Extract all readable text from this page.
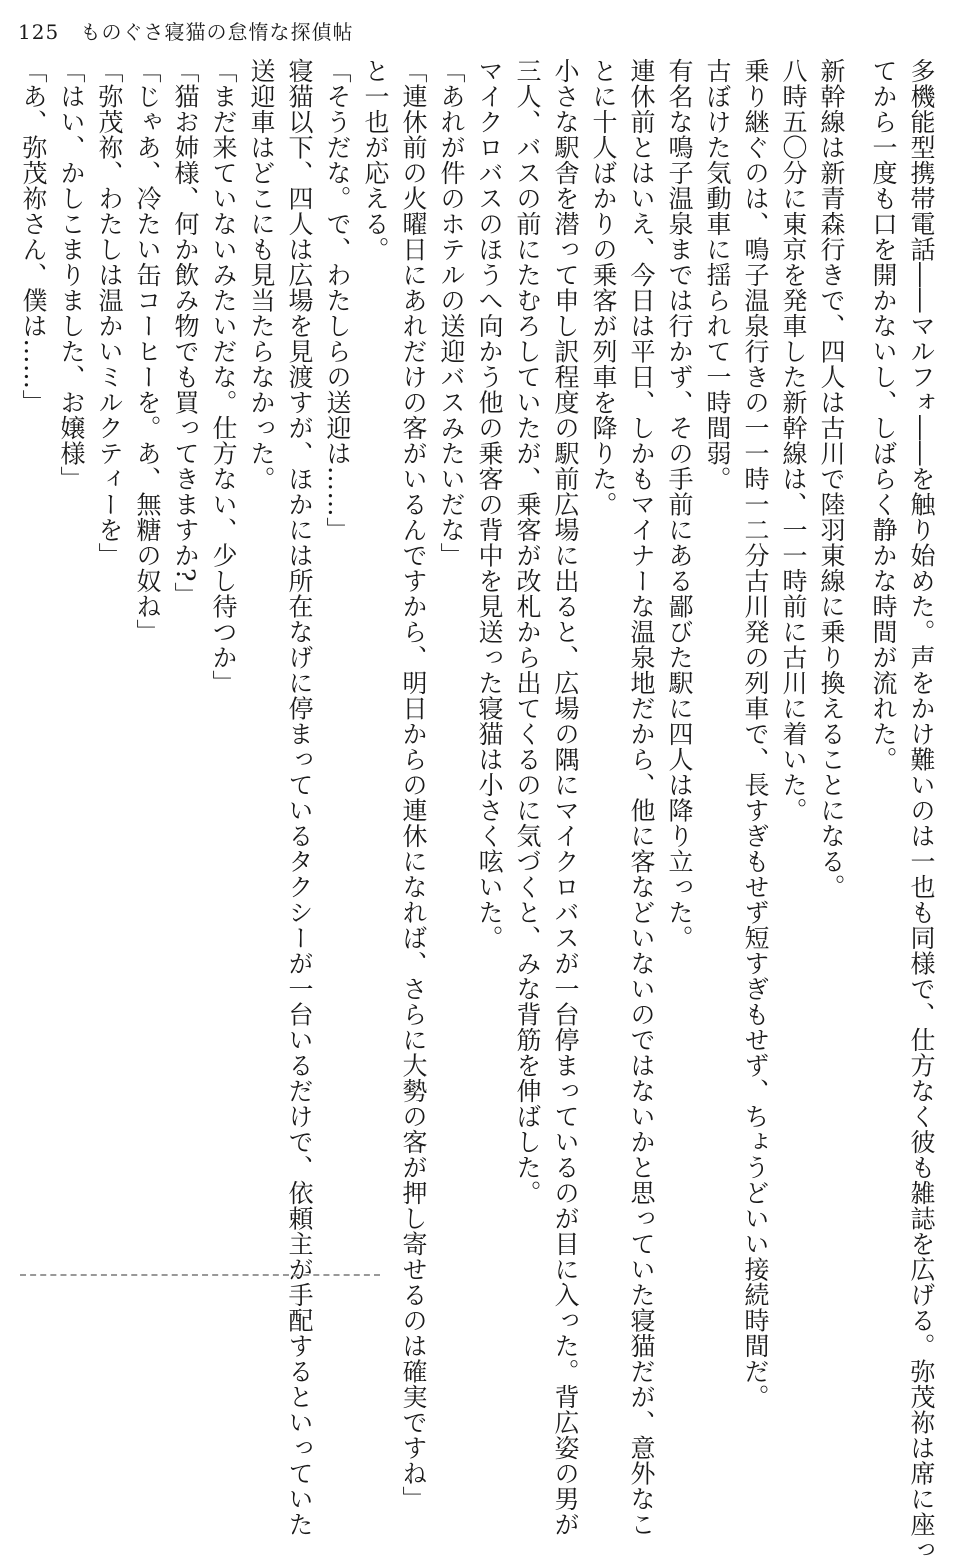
125 ものぐさ寝猫の怠惰な探偵帖
多機能型携帯電話――マルフォ――を触り始めた。声をかけ難いのは一也も同様で、仕方なく彼も雑誌を広げる。弥茂祢は席に座っ
てから一度も口を開かないし、しばらく静かな時間が流れた。
新幹線は新青森行きで、四人は古川で陸羽東線に乗り換えることになる。
八時五〇分に東京を発車した新幹線は、一一時前に古川に着いた。
乗り継ぐのは、鳴子温泉行きの一一時一二分古川発の列車で、長すぎもせず短すぎもせず、ちょうどいい接続時間だ。
古ぼけた気動車に揺られて一時間弱。
有名な鳴子温泉までは行かず、その手前にある鄙びた駅に四人は降り立った。
連休前とはいえ、今日は平日、しかもマイナーな温泉地だから、他に客などいないのではないかと思っていた寝猫だが、意外なこ
とに十人ばかりの乗客が列車を降りた。
小さな駅舎を潜って申し訳程度の駅前広場に出ると、広場の隅にマイクロバスが一台停まっているのが目に入った。背広姿の男が
三人、バスの前にたむろしていたが、乗客が改札から出てくるのに気づくと、みな背筋を伸ばした。
マイクロバスのほうへ向かう他の乗客の背中を見送った寝猫は小さく呟いた。
「あれが件のホテルの送迎バスみたいだな」
「連休前の火曜日にあれだけの客がいるんですから、明日からの連休になれば、さらに大勢の客が押し寄せるのは確実ですね」
と一也が応える。
「そうだな。で、わたしらの送迎は……」
寝猫以下、四人は広場を見渡すが、ほかには所在なげに停まっているタクシーが一台いるだけで、依頼主が手配するといっていた
送迎車はどこにも見当たらなかった。
「まだ来ていないみたいだな。仕方ない、少し待つか」
「猫お姉様、何か飲み物でも買ってきますか?」
「じゃあ、冷たい缶コーヒーを。あ、無糖の奴ね」
「弥茂祢、わたしは温かいミルクティーを」
「はい、かしこまりました、お嬢様」
「あ、弥茂祢さん、僕は……」
